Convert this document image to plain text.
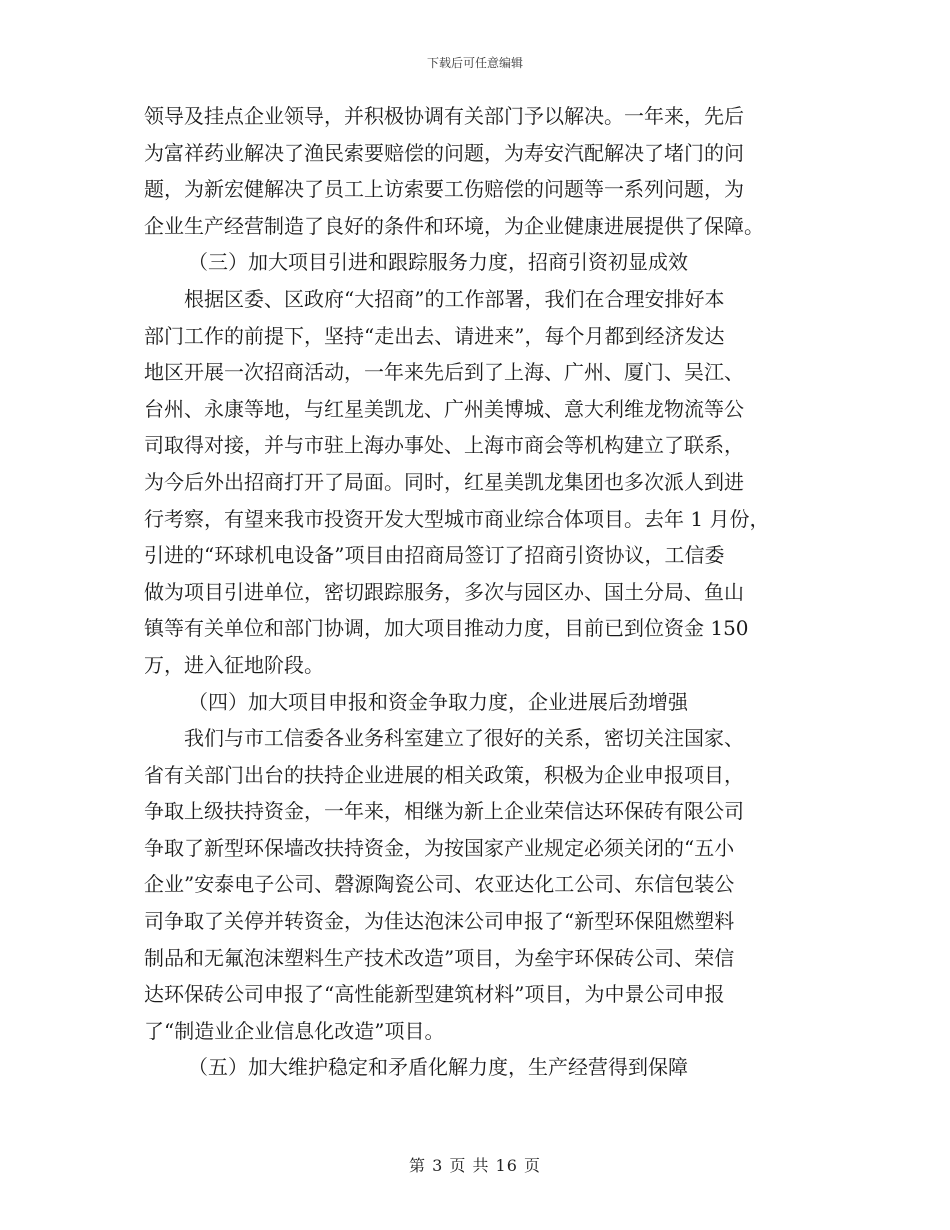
下载后可任意编辑
领导及挂点企业领导，并积极协调有关部门予以解决。一年来，先后
为富祥药业解决了渔民索要赔偿的问题，为寿安汽配解决了堵门的问
题，为新宏健解决了员工上访索要工伤赔偿的问题等一系列问题，为
企业生产经营制造了良好的条件和环境，为企业健康进展提供了保障。
（三）加大项目引进和跟踪服务力度，招商引资初显成效
根据区委、区政府“大招商”的工作部署，我们在合理安排好本
部门工作的前提下，坚持“走出去、请进来”，每个月都到经济发达
地区开展一次招商活动，一年来先后到了上海、广州、厦门、吴江、
台州、永康等地，与红星美凯龙、广州美博城、意大利维龙物流等公
司取得对接，并与市驻上海办事处、上海市商会等机构建立了联系，
为今后外出招商打开了局面。同时，红星美凯龙集团也多次派人到进
行考察，有望来我市投资开发大型城市商业综合体项目。去年 1 月份，
引进的“环球机电设备”项目由招商局签订了招商引资协议，工信委
做为项目引进单位，密切跟踪服务，多次与园区办、国土分局、鱼山
镇等有关单位和部门协调，加大项目推动力度，目前已到位资金 150
万，进入征地阶段。
（四）加大项目申报和资金争取力度，企业进展后劲增强
我们与市工信委各业务科室建立了很好的关系，密切关注国家、
省有关部门出台的扶持企业进展的相关政策，积极为企业申报项目，
争取上级扶持资金，一年来，相继为新上企业荣信达环保砖有限公司
争取了新型环保墙改扶持资金，为按国家产业规定必须关闭的“五小
企业”安泰电子公司、磬源陶瓷公司、农亚达化工公司、东信包装公
司争取了关停并转资金，为佳达泡沫公司申报了“新型环保阻燃塑料
制品和无氟泡沫塑料生产技术改造”项目，为垒宇环保砖公司、荣信
达环保砖公司申报了“高性能新型建筑材料”项目，为中景公司申报
了“制造业企业信息化改造”项目。
（五）加大维护稳定和矛盾化解力度，生产经营得到保障
第 3 页 共 16 页
